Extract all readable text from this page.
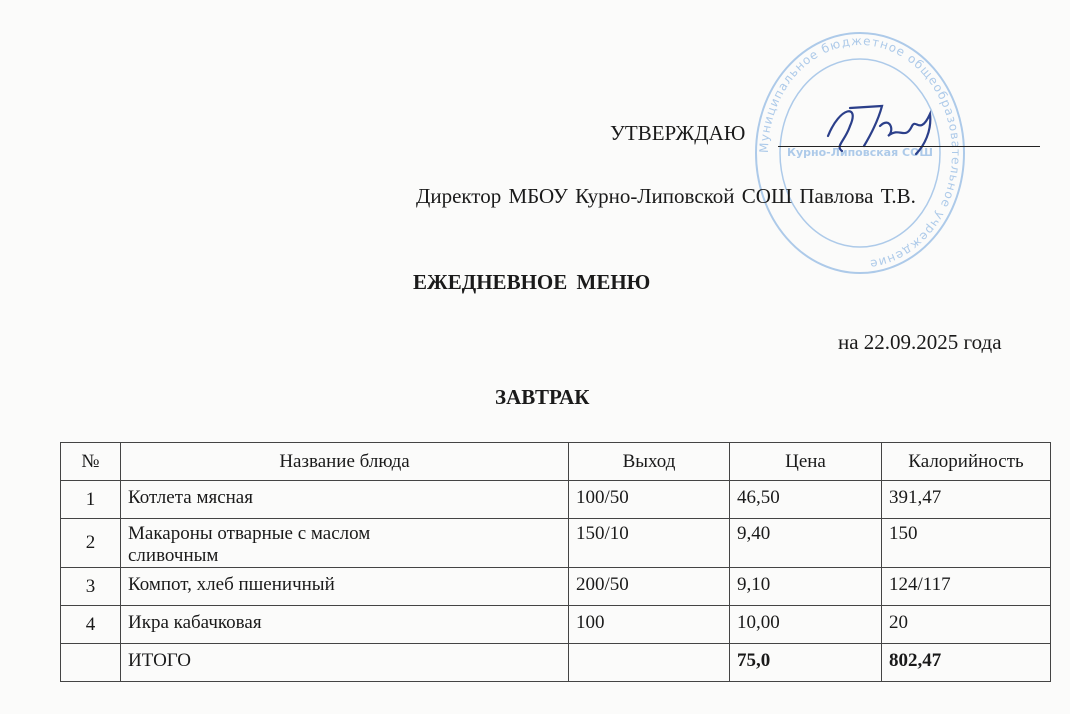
Муниципальное бюджетное общеобразовательное учреждение
Курно-Липовская СОШ
УТВЕРЖДАЮ
Директор МБОУ Курно-Липовской СОШ Павлова Т.В.
ЕЖЕДНЕВНОЕ МЕНЮ
на 22.09.2025 года
ЗАВТРАК
№	Название блюда	Выход	Цена	Калорийность
1	Котлета мясная	100/50	46,50	391,47
2	Макароны отварные с маслом сливочным	150/10	9,40	150
3	Компот, хлеб пшеничный	200/50	9,10	124/117
4	Икра кабачковая	100	10,00	20
	ИТОГО		75,0	802,47
